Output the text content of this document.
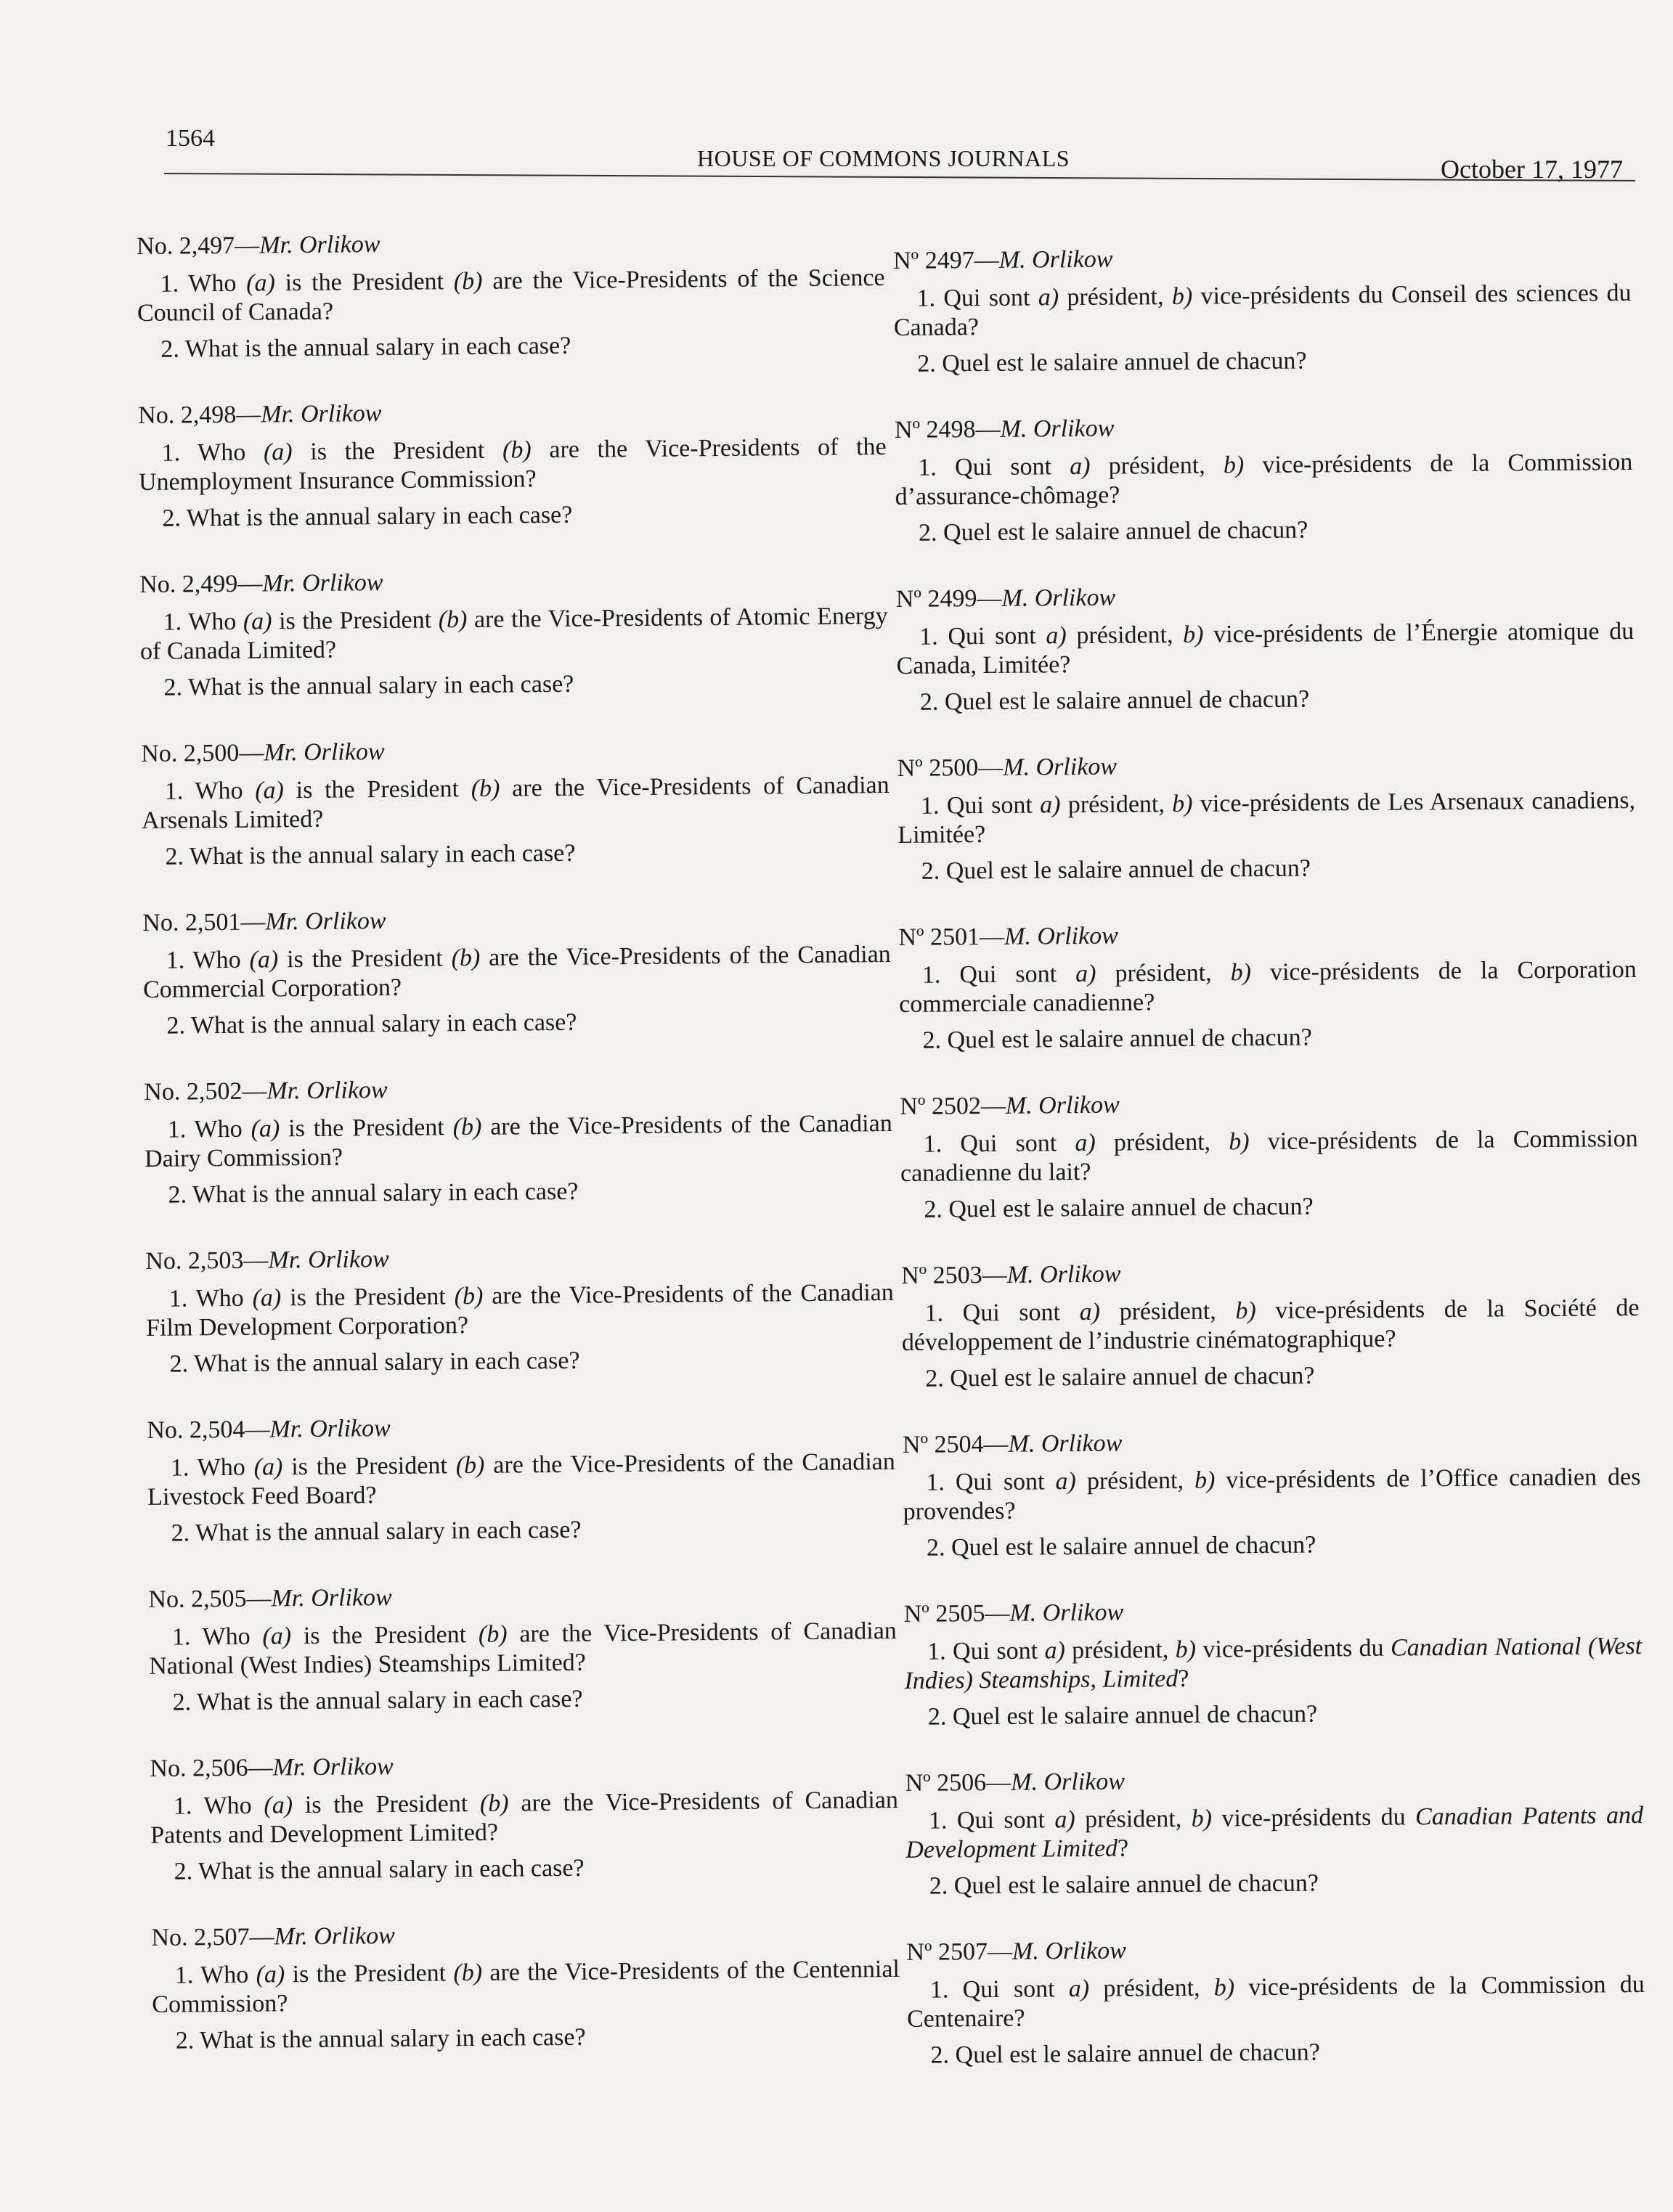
1564
HOUSE OF COMMONS JOURNALS	October 17, 1977

No. 2,497—Mr. Orlikow

1. Who (a) is the President (b) are the Vice-Presidents of the Science Council of Canada?

2. What is the annual salary in each case?

No. 2,498—Mr. Orlikow

1. Who (a) is the President (b) are the Vice-Presidents of the Unemployment Insurance Commission?

2. What is the annual salary in each case?

No. 2,499—Mr. Orlikow

1. Who (a) is the President (b) are the Vice-Presidents of Atomic Energy of Canada Limited?

2. What is the annual salary in each case?

No. 2,500—Mr. Orlikow

1. Who (a) is the President (b) are the Vice-Presidents of Canadian Arsenals Limited?

2. What is the annual salary in each case?

No. 2,501—Mr. Orlikow

1. Who (a) is the President (b) are the Vice-Presidents of the Canadian Commercial Corporation?

2. What is the annual salary in each case?

No. 2,502—Mr. Orlikow

1. Who (a) is the President (b) are the Vice-Presidents of the Canadian Dairy Commission?

2. What is the annual salary in each case?

No. 2,503—Mr. Orlikow

1. Who (a) is the President (b) are the Vice-Presidents of the Canadian Film Development Corporation?

2. What is the annual salary in each case?

No. 2,504—Mr. Orlikow

1. Who (a) is the President (b) are the Vice-Presidents of the Canadian Livestock Feed Board?

2. What is the annual salary in each case?

No. 2,505—Mr. Orlikow

1. Who (a) is the President (b) are the Vice-Presidents of Canadian National (West Indies) Steamships Limited?

2. What is the annual salary in each case?

No. 2,506—Mr. Orlikow

1. Who (a) is the President (b) are the Vice-Presidents of Canadian Patents and Development Limited?

2. What is the annual salary in each case?

No. 2,507—Mr. Orlikow

1. Who (a) is the President (b) are the Vice-Presidents of the Centennial Commission?

2. What is the annual salary in each case?

Nº 2497—M. Orlikow

1. Qui sont a) président, b) vice-présidents du Conseil des sciences du Canada?

2. Quel est le salaire annuel de chacun?

Nº 2498—M. Orlikow

1. Qui sont a) président, b) vice-présidents de la Commission d’assurance-chômage?

2. Quel est le salaire annuel de chacun?

Nº 2499—M. Orlikow

1. Qui sont a) président, b) vice-présidents de l’Énergie atomique du Canada, Limitée?

2. Quel est le salaire annuel de chacun?

Nº 2500—M. Orlikow

1. Qui sont a) président, b) vice-présidents de Les Arsenaux canadiens, Limitée?

2. Quel est le salaire annuel de chacun?

Nº 2501—M. Orlikow

1. Qui sont a) président, b) vice-présidents de la Corporation commerciale canadienne?

2. Quel est le salaire annuel de chacun?

Nº 2502—M. Orlikow

1. Qui sont a) président, b) vice-présidents de la Commission canadienne du lait?

2. Quel est le salaire annuel de chacun?

Nº 2503—M. Orlikow

1. Qui sont a) président, b) vice-présidents de la Société de développement de l’industrie cinématographique?

2. Quel est le salaire annuel de chacun?

Nº 2504—M. Orlikow

1. Qui sont a) président, b) vice-présidents de l’Office canadien des provendes?

2. Quel est le salaire annuel de chacun?

Nº 2505—M. Orlikow

1. Qui sont a) président, b) vice-présidents du Canadian National (West Indies) Steamships, Limited?

2. Quel est le salaire annuel de chacun?

Nº 2506—M. Orlikow

1. Qui sont a) président, b) vice-présidents du Canadian Patents and Development Limited?

2. Quel est le salaire annuel de chacun?

Nº 2507—M. Orlikow

1. Qui sont a) président, b) vice-présidents de la Commission du Centenaire?

2. Quel est le salaire annuel de chacun?
